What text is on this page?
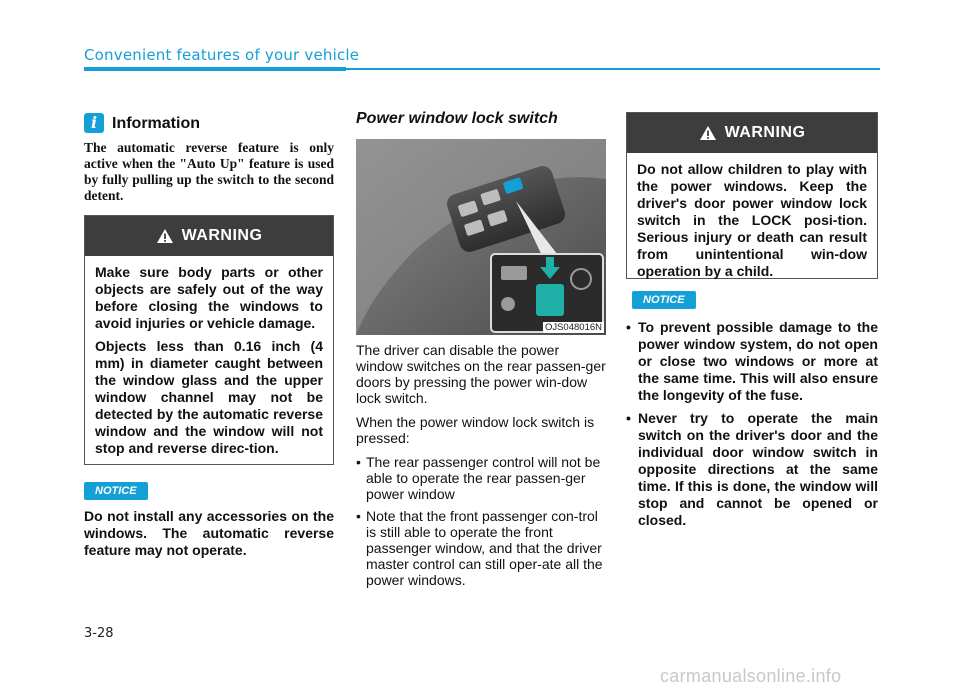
Convenient features of your vehicle
i Information
The automatic reverse feature is only active when the "Auto Up" feature is used by fully pulling up the switch to the second detent.
WARNING

Make sure body parts or other objects are safely out of the way before closing the windows to avoid injuries or vehicle damage.

Objects less than 0.16 inch (4 mm) in diameter caught between the window glass and the upper window channel may not be detected by the automatic reverse window and the window will not stop and reverse direc-tion.

NOTICE
Do not install any accessories on the windows. The automatic reverse feature may not operate.
Power window lock switch
OJS048016N

The driver can disable the power window switches on the rear passen-ger doors by pressing the power win-dow lock switch.

When the power window lock switch is pressed:

• The rear passenger control will not be able to operate the rear passen-ger power window
• Note that the front passenger con-trol is still able to operate the front passenger window, and that the driver master control can still oper-ate all the power windows.
WARNING

Do not allow children to play with the power windows. Keep the driver's door power window lock switch in the LOCK posi-tion. Serious injury or death can result from unintentional win-dow operation by a child.

NOTICE
• To prevent possible damage to the power window system, do not open or close two windows or more at the same time. This will also ensure the longevity of the fuse.
• Never try to operate the main switch on the driver's door and the individual door window switch in opposite directions at the same time. If this is done, the window will stop and cannot be opened or closed.
3-28
carmanualsonline.info
